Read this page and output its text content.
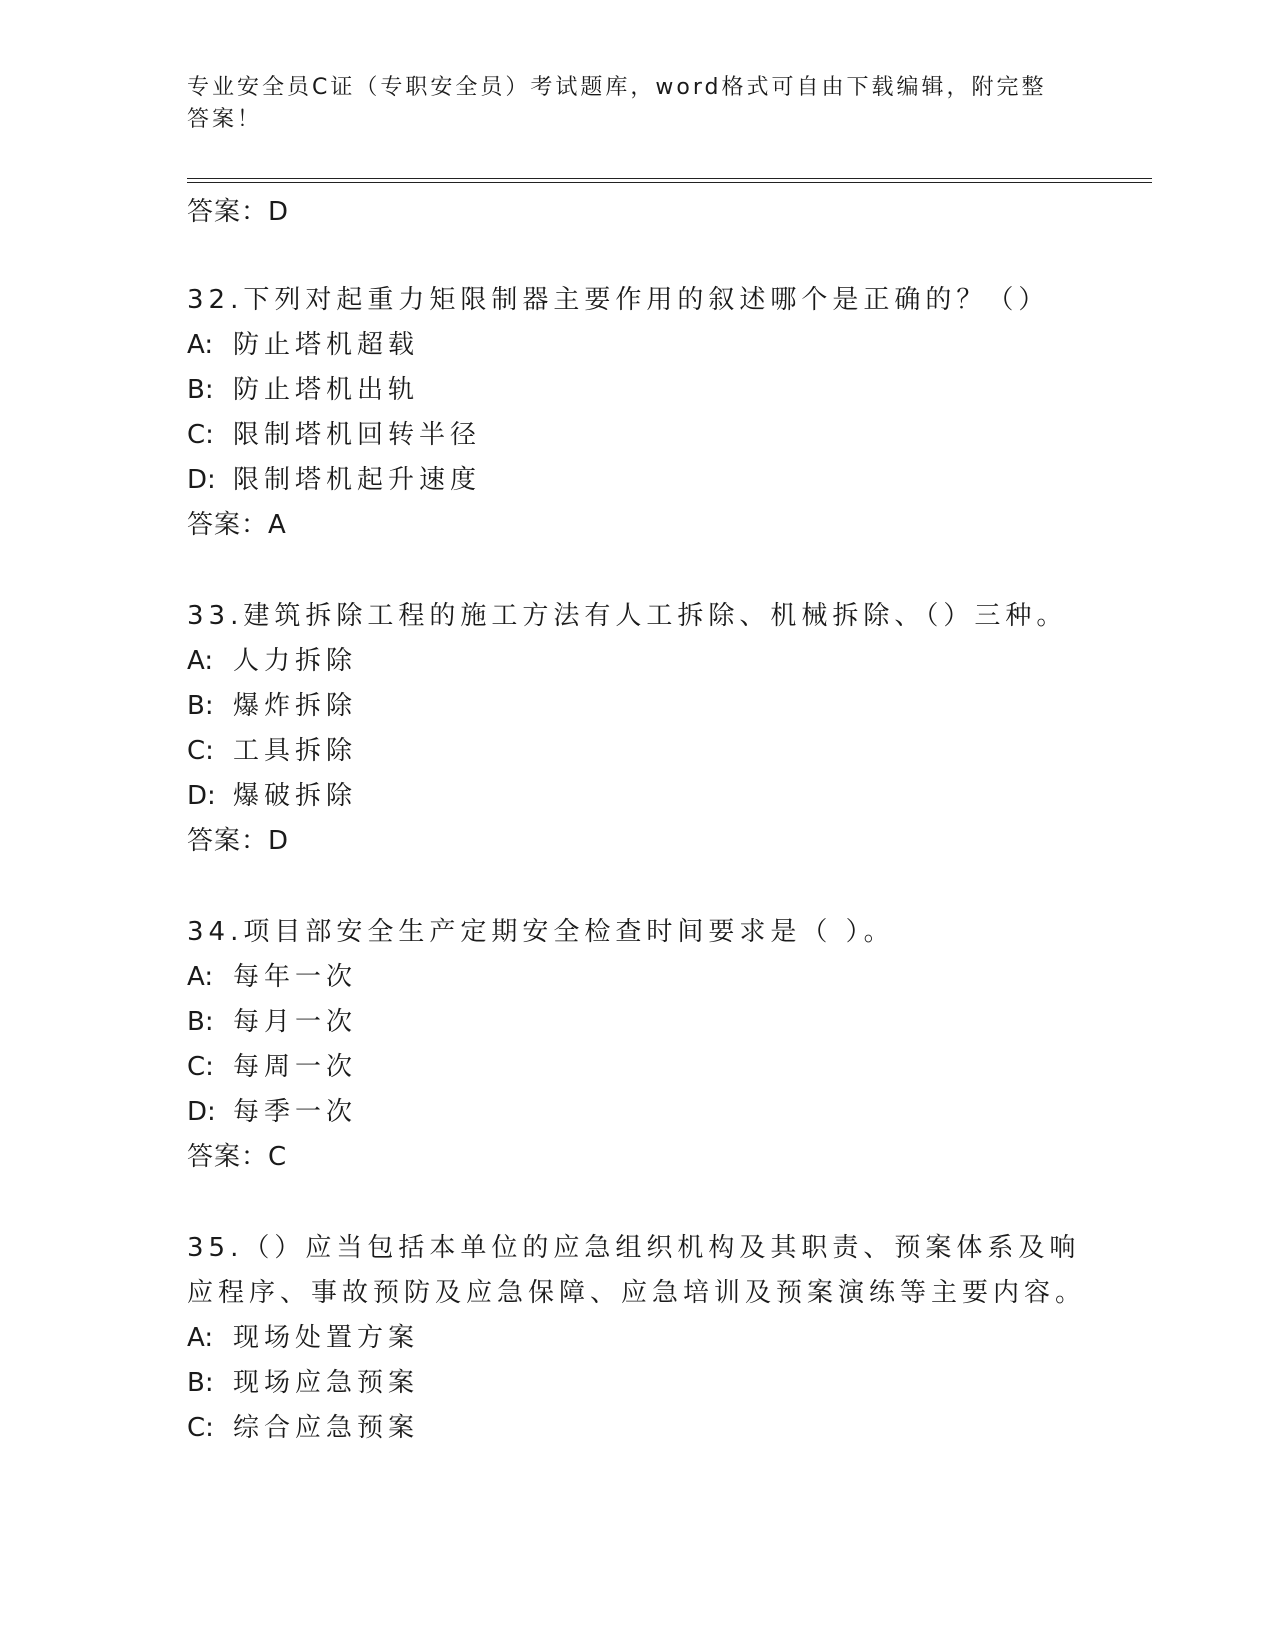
专业安全员C证（专职安全员）考试题库，word格式可自由下载编辑，附完整答案！
答案：D
32.下列对起重力矩限制器主要作用的叙述哪个是正确的？（）
A: 防止塔机超载
B: 防止塔机出轨
C: 限制塔机回转半径
D: 限制塔机起升速度
答案：A
33.建筑拆除工程的施工方法有人工拆除、机械拆除、（）三种。
A: 人力拆除
B: 爆炸拆除
C: 工具拆除
D: 爆破拆除
答案：D
34.项目部安全生产定期安全检查时间要求是（ ）。
A: 每年一次
B: 每月一次
C: 每周一次
D: 每季一次
答案：C
35.（）应当包括本单位的应急组织机构及其职责、预案体系及响应程序、事故预防及应急保障、应急培训及预案演练等主要内容。
A: 现场处置方案
B: 现场应急预案
C: 综合应急预案
